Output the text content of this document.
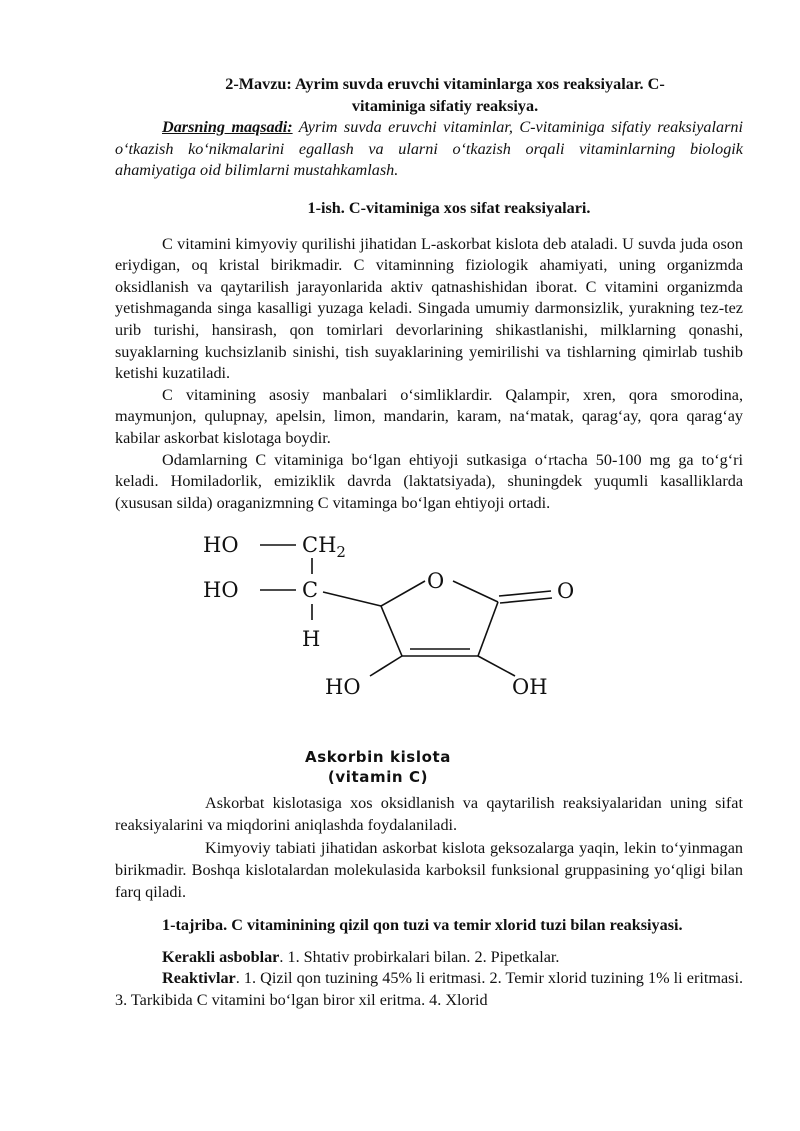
2-Mavzu: Ayrim suvda eruvchi vitaminlarga xos reaksiyalar. C-

vitaminiga sifatiy reaksiya.

Darsning maqsadi: Ayrim suvda eruvchi vitaminlar, C-vitaminiga sifatiy reaksiyalarni o‘tkazish ko‘nikmalarini egallash va ularni o‘tkazish orqali vitaminlarning biologik ahamiyatiga oid bilimlarni mustahkamlash.

1-ish. C-vitaminiga xos sifat reaksiyalari.

C vitamini kimyoviy qurilishi jihatidan L-askorbat kislota deb ataladi. U suvda juda oson eriydigan, oq kristal birikmadir. C vitaminning fiziologik ahamiyati, uning organizmda oksidlanish va qaytarilish jarayonlarida aktiv qatnashishidan iborat. C vitamini organizmda yetishmaganda singa kasalligi yuzaga keladi. Singada umumiy darmonsizlik, yurakning tez-tez urib turishi, hansirash, qon tomirlari devorlarining shikastlanishi, milklarning qonashi, suyaklarning kuchsizlanib sinishi, tish suyaklarining yemirilishi va tishlarning qimirlab tushib ketishi kuzatiladi.

C vitamining asosiy manbalari o‘simliklardir. Qalampir, xren, qora smorodina, maymunjon, qulupnay, apelsin, limon, mandarin, karam, na‘matak, qarag‘ay, qora qarag‘ay kabilar askorbat kislotaga boydir.

Odamlarning C vitaminiga bo‘lgan ehtiyoji sutkasiga o‘rtacha 50-100 mg ga to‘g‘ri keladi. Homiladorlik, emiziklik davrda (laktatsiyada), shuningdek yuqumli kasalliklarda (xususan silda) oraganizmning C vitaminga bo‘lgan ehtiyoji ortadi.

HO	$CH_2$
HO	C
H
O	O
HO	OH
Askorbin kislota
(vitamin C)

Askorbat kislotasiga xos oksidlanish va qaytarilish reaksiyalaridan uning sifat reaksiyalarini va miqdorini aniqlashda foydalaniladi.

Kimyoviy tabiati jihatidan askorbat kislota geksozalarga yaqin, lekin to‘yinmagan birikmadir. Boshqa kislotalardan molekulasida karboksil funksional gruppasining yo‘qligi bilan farq qiladi.

1-tajriba. C vitaminining qizil qon tuzi va temir xlorid tuzi bilan reaksiyasi.

Kerakli asboblar. 1. Shtativ probirkalari bilan. 2. Pipetkalar.

Reaktivlar. 1. Qizil qon tuzining 45% li eritmasi. 2. Temir xlorid tuzining 1% li eritmasi. 3. Tarkibida C vitamini bo‘lgan biror xil eritma. 4. Xlorid
